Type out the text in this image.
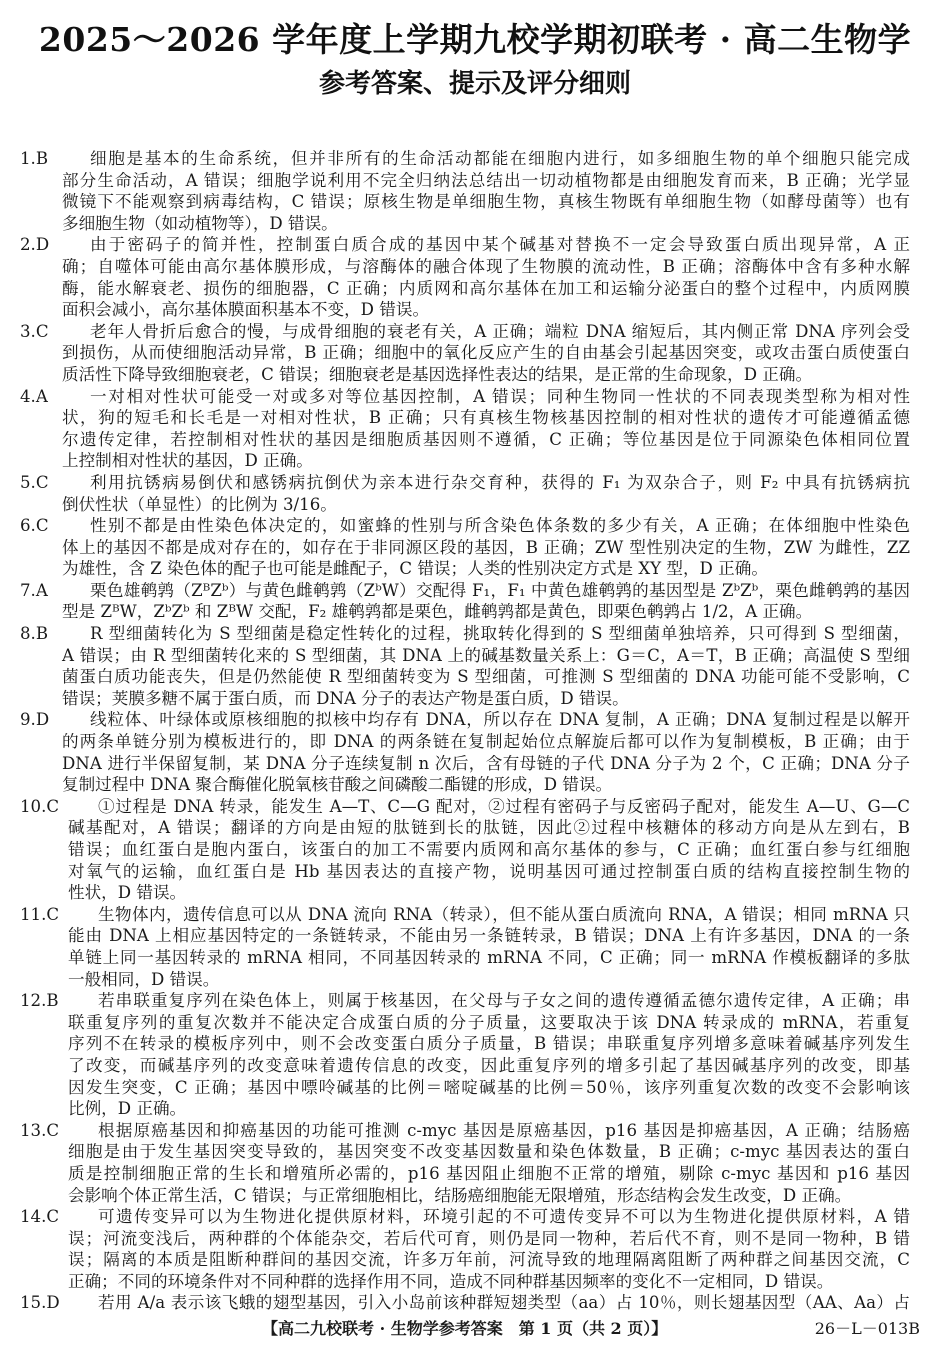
2025～2026 学年度上学期九校学期初联考 · 高二生物学
参考答案、提示及评分细则
1.B	细胞是基本的生命系统，但并非所有的生命活动都能在细胞内进行，如多细胞生物的单个细胞只能完成
部分生命活动，A 错误；细胞学说利用不完全归纳法总结出一切动植物都是由细胞发育而来，B 正确；光学显
微镜下不能观察到病毒结构，C 错误；原核生物是单细胞生物，真核生物既有单细胞生物（如酵母菌等）也有
多细胞生物（如动植物等），D 错误。
2.D 由于密码子的简并性，控制蛋白质合成的基因中某个碱基对替换不一定会导致蛋白质出现异常，A 正
确；自噬体可能由高尔基体膜形成，与溶酶体的融合体现了生物膜的流动性，B 正确；溶酶体中含有多种水解
酶，能水解衰老、损伤的细胞器，C 正确；内质网和高尔基体在加工和运输分泌蛋白的整个过程中，内质网膜
面积会减小，高尔基体膜面积基本不变，D 错误。
3.C 老年人骨折后愈合的慢，与成骨细胞的衰老有关，A 正确；端粒 DNA 缩短后，其内侧正常 DNA 序列会受
到损伤，从而使细胞活动异常，B 正确；细胞中的氧化反应产生的自由基会引起基因突变，或攻击蛋白质使蛋白
质活性下降导致细胞衰老，C 错误；细胞衰老是基因选择性表达的结果，是正常的生命现象，D 正确。
4.A	一对相对性状可能受一对或多对等位基因控制，A 错误；同种生物同一性状的不同表现类型称为相对性
状，狗的短毛和长毛是一对相对性状，B 正确；只有真核生物核基因控制的相对性状的遗传才可能遵循孟德
尔遗传定律，若控制相对性状的基因是细胞质基因则不遵循，C 正确；等位基因是位于同源染色体相同位置
上控制相对性状的基因，D 正确。
5.C 利用抗锈病易倒伏和感锈病抗倒伏为亲本进行杂交育种，获得的 F₁ 为双杂合子，则 F₂ 中具有抗锈病抗
倒伏性状（单显性）的比例为 3/16。
6.C 性别不都是由性染色体决定的，如蜜蜂的性别与所含染色体条数的多少有关，A 正确；在体细胞中性染色
体上的基因不都是成对存在的，如存在于非同源区段的基因，B 正确；ZW 型性别决定的生物，ZW 为雌性，ZZ
为雄性，含 Z 染色体的配子也可能是雌配子，C 错误；人类的性别决定方式是 XY 型，D 正确。
7.A	栗色雄鹌鹑（ZᴮZᵇ）与黄色雌鹌鹑（ZᵇW）交配得 F₁，F₁ 中黄色雄鹌鹑的基因型是 ZᵇZᵇ，栗色雌鹌鹑的基因
型是 ZᴮW，ZᵇZᵇ 和 ZᴮW 交配，F₂ 雄鹌鹑都是栗色，雌鹌鹑都是黄色，即栗色鹌鹑占 1/2，A 正确。
8.B	R 型细菌转化为 S 型细菌是稳定性转化的过程，挑取转化得到的 S 型细菌单独培养，只可得到 S 型细菌，
A 错误；由 R 型细菌转化来的 S 型细菌，其 DNA 上的碱基数量关系上：G＝C，A＝T，B 正确；高温使 S 型细
菌蛋白质功能丧失，但是仍然能使 R 型细菌转变为 S 型细菌，可推测 S 型细菌的 DNA 功能可能不受影响，C
错误；荚膜多糖不属于蛋白质，而 DNA 分子的表达产物是蛋白质，D 错误。
9.D 线粒体、叶绿体或原核细胞的拟核中均存有 DNA，所以存在 DNA 复制，A 正确；DNA 复制过程是以解开
的两条单链分别为模板进行的，即 DNA 的两条链在复制起始位点解旋后都可以作为复制模板，B 正确；由于
DNA 进行半保留复制，某 DNA 分子连续复制 n 次后，含有母链的子代 DNA 分子为 2 个，C 正确；DNA 分子
复制过程中 DNA 聚合酶催化脱氧核苷酸之间磷酸二酯键的形成，D 错误。
10.C ①过程是 DNA 转录，能发生 A—T、C—G 配对，②过程有密码子与反密码子配对，能发生 A—U、G—C
碱基配对，A 错误；翻译的方向是由短的肽链到长的肽链，因此②过程中核糖体的移动方向是从左到右，B
错误；血红蛋白是胞内蛋白，该蛋白的加工不需要内质网和高尔基体的参与，C 正确；血红蛋白参与红细胞
对氧气的运输，血红蛋白是 Hb 基因表达的直接产物，说明基因可通过控制蛋白质的结构直接控制生物的
性状，D 错误。
11.C 生物体内，遗传信息可以从 DNA 流向 RNA（转录），但不能从蛋白质流向 RNA，A 错误；相同 mRNA 只
能由 DNA 上相应基因特定的一条链转录，不能由另一条链转录，B 错误；DNA 上有许多基因，DNA 的一条
单链上同一基因转录的 mRNA 相同，不同基因转录的 mRNA 不同，C 正确；同一 mRNA 作模板翻译的多肽
一般相同，D 错误。
12.B 若串联重复序列在染色体上，则属于核基因，在父母与子女之间的遗传遵循孟德尔遗传定律，A 正确；串
联重复序列的重复次数并不能决定合成蛋白质的分子质量，这要取决于该 DNA 转录成的 mRNA，若重复
序列不在转录的模板序列中，则不会改变蛋白质分子质量，B 错误；串联重复序列增多意味着碱基序列发生
了改变，而碱基序列的改变意味着遗传信息的改变，因此重复序列的增多引起了基因碱基序列的改变，即基
因发生突变，C 正确；基因中嘌呤碱基的比例＝嘧啶碱基的比例＝50％，该序列重复次数的改变不会影响该
比例，D 正确。
13.C 根据原癌基因和抑癌基因的功能可推测 c-myc 基因是原癌基因，p16 基因是抑癌基因，A 正确；结肠癌
细胞是由于发生基因突变导致的，基因突变不改变基因数量和染色体数量，B 正确；c-myc 基因表达的蛋白
质是控制细胞正常的生长和增殖所必需的，p16 基因阻止细胞不正常的增殖，剔除 c-myc 基因和 p16 基因
会影响个体正常生活，C 错误；与正常细胞相比，结肠癌细胞能无限增殖，形态结构会发生改变，D 正确。
14.C 可遗传变异可以为生物进化提供原材料，环境引起的不可遗传变异不可以为生物进化提供原材料，A 错
误；河流变浅后，两种群的个体能杂交，若后代可育，则仍是同一物种，若后代不育，则不是同一物种，B 错
误；隔离的本质是阻断种群间的基因交流，许多万年前，河流导致的地理隔离阻断了两种群之间基因交流，C
正确；不同的环境条件对不同种群的选择作用不同，造成不同种群基因频率的变化不一定相同，D 错误。
15.D 若用 A/a 表示该飞蛾的翅型基因，引入小岛前该种群短翅类型（aa）占 10％，则长翅基因型（AA、Aa）占
【高二九校联考 · 生物学参考答案　第 1 页（共 2 页）】	26－L－013B
